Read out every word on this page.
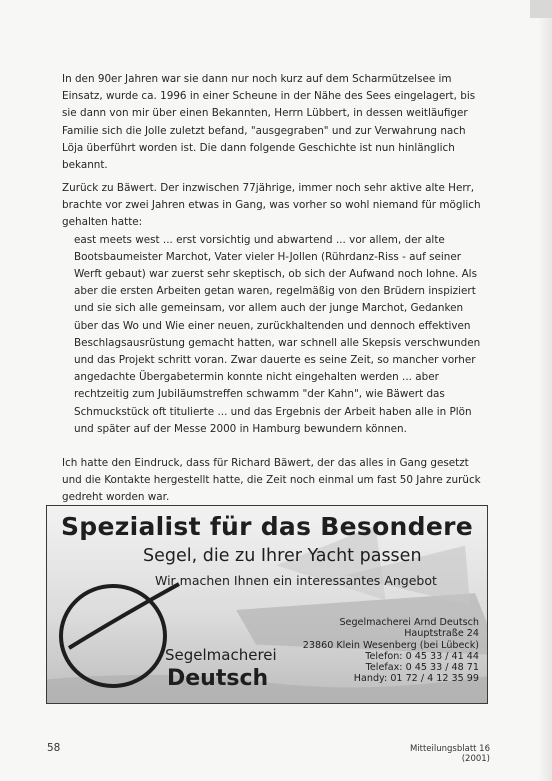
In den 90er Jahren war sie dann nur noch kurz auf dem Scharmützelsee im Einsatz, wurde ca. 1996 in einer Scheune in der Nähe des Sees eingelagert, bis sie dann von mir über einen Bekannten, Herrn Lübbert, in dessen weitläufiger Familie sich die Jolle zuletzt befand, "ausgegraben" und zur Verwahrung nach Löja überführt worden ist. Die dann folgende Geschichte ist nun hinlänglich bekannt.

Zurück zu Bäwert. Der inzwischen 77jährige, immer noch sehr aktive alte Herr, brachte vor zwei Jahren etwas in Gang, was vorher so wohl niemand für möglich gehalten hatte:

east meets west ... erst vorsichtig und abwartend ... vor allem, der alte Bootsbaumeister Marchot, Vater vieler H-Jollen (Rührdanz-Riss - auf seiner Werft gebaut) war zuerst sehr skeptisch, ob sich der Aufwand noch lohne. Als aber die ersten Arbeiten getan waren, regelmäßig von den Brüdern inspiziert und sie sich alle gemeinsam, vor allem auch der junge Marchot, Gedanken über das Wo und Wie einer neuen, zurückhaltenden und dennoch effektiven Beschlagsausrüstung gemacht hatten, war schnell alle Skepsis verschwunden und das Projekt schritt voran. Zwar dauerte es seine Zeit, so mancher vorher angedachte Übergabetermin konnte nicht eingehalten werden ... aber rechtzeitig zum Jubiläumstreffen schwamm "der Kahn", wie Bäwert das Schmuckstück oft titulierte ... und das Ergebnis der Arbeit haben alle in Plön und später auf der Messe 2000 in Hamburg bewundern können.

Ich hatte den Eindruck, dass für Richard Bäwert, der das alles in Gang gesetzt und die Kontakte hergestellt hatte, die Zeit noch einmal um fast 50 Jahre zurück gedreht worden war.

Spezialist für das Besondere
Segel, die zu Ihrer Yacht passen
Wir machen Ihnen ein interessantes Angebot
Segelmacherei
Deutsch
Segelmacherei Arnd Deutsch
Hauptstraße 24
23860 Klein Wesenberg (bei Lübeck)
Telefon: 0 45 33 / 41 44
Telefax: 0 45 33 / 48 71
Handy: 01 72 / 4 12 35 99
58	Mitteilungsblatt 16 (2001)
